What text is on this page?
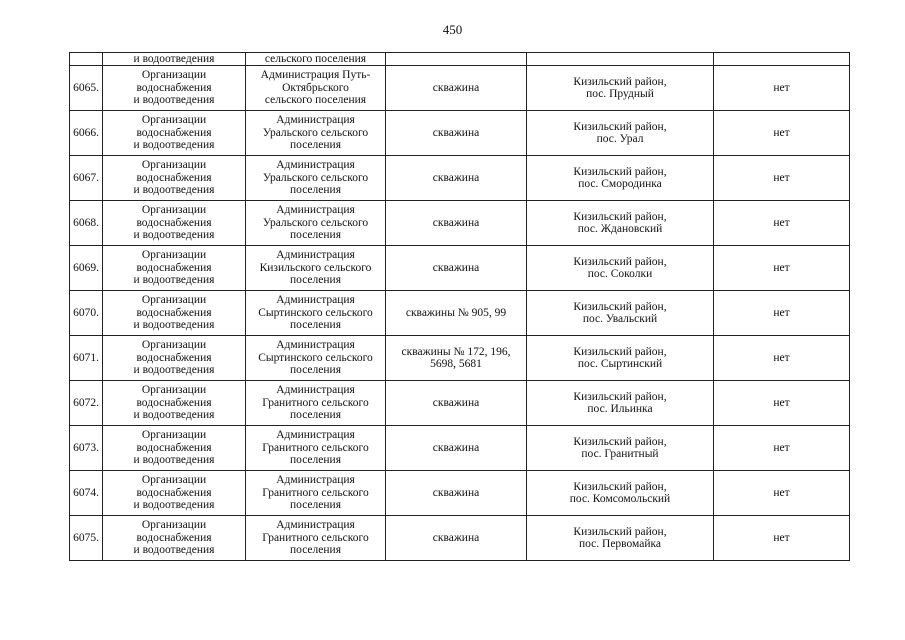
450
	и водоотведения	сельского поселения			

6065.	Организации
водоснабжения
и водоотведения	Администрация Путь-
Октябрьского
сельского поселения	скважина	Кизильский район,
пос. Прудный	нет

6066.	Организации
водоснабжения
и водоотведения	Администрация
Уральского сельского
поселения	скважина	Кизильский район,
пос. Урал	нет

6067.	Организации
водоснабжения
и водоотведения	Администрация
Уральского сельского
поселения	скважина	Кизильский район,
пос. Смородинка	нет

6068.	Организации
водоснабжения
и водоотведения	Администрация
Уральского сельского
поселения	скважина	Кизильский район,
пос. Ждановский	нет

6069.	Организации
водоснабжения
и водоотведения	Администрация
Кизильского сельского
поселения	скважина	Кизильский район,
пос. Соколки	нет

6070.	Организации
водоснабжения
и водоотведения	Администрация
Сыртинского сельского
поселения	скважины № 905, 99	Кизильский район,
пос. Увальский	нет

6071.	Организации
водоснабжения
и водоотведения	Администрация
Сыртинского сельского
поселения	скважины № 172, 196,
5698, 5681	Кизильский район,
пос. Сыртинский	нет

6072.	Организации
водоснабжения
и водоотведения	Администрация
Гранитного сельского
поселения	скважина	Кизильский район,
пос. Ильинка	нет

6073.	Организации
водоснабжения
и водоотведения	Администрация
Гранитного сельского
поселения	скважина	Кизильский район,
пос. Гранитный	нет

6074.	Организации
водоснабжения
и водоотведения	Администрация
Гранитного сельского
поселения	скважина	Кизильский район,
пос. Комсомольский	нет

6075.	Организации
водоснабжения
и водоотведения	Администрация
Гранитного сельского
поселения	скважина	Кизильский район,
пос. Первомайка	нет
